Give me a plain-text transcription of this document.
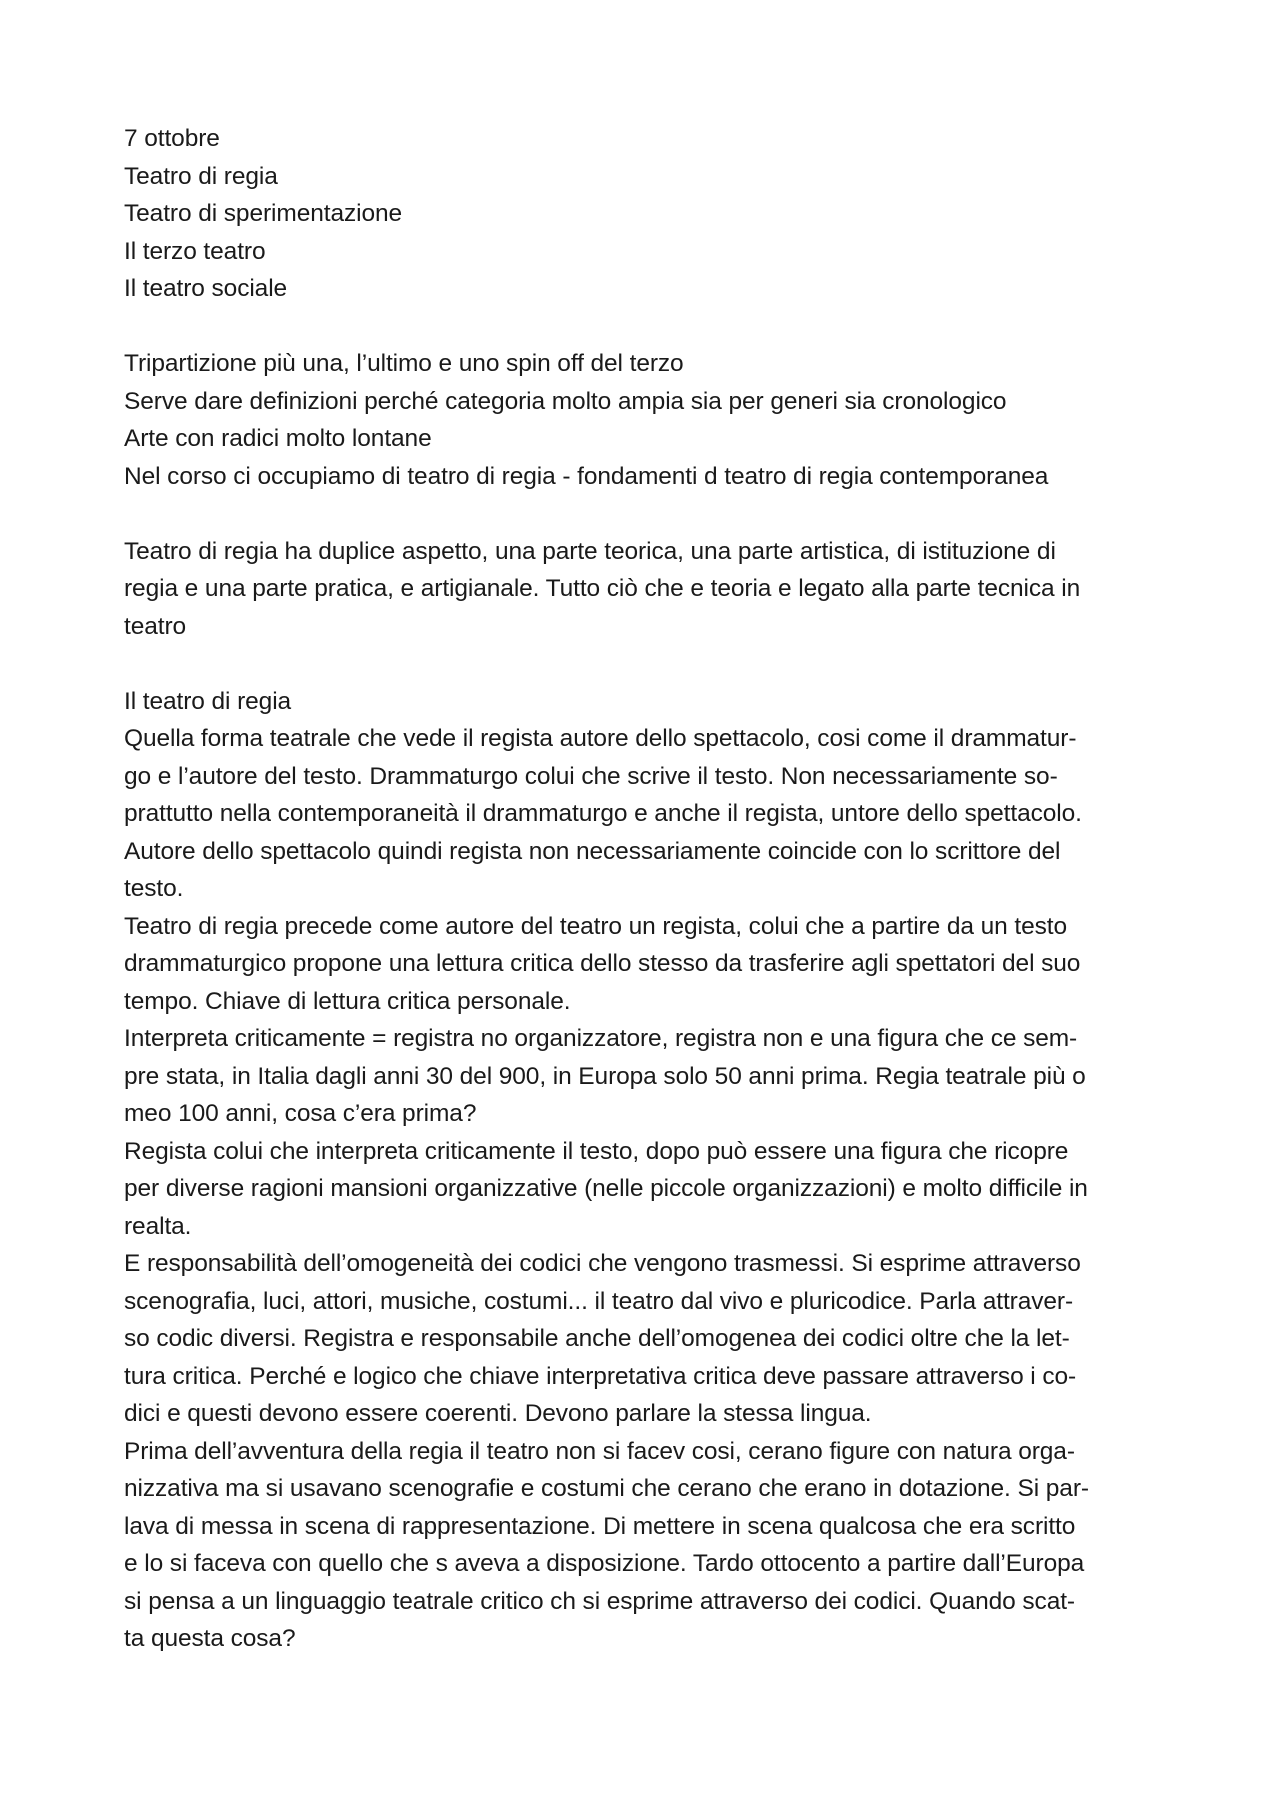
7 ottobre
Teatro di regia
Teatro di sperimentazione
Il terzo teatro
Il teatro sociale
Tripartizione più una, l’ultimo e uno spin off del terzo
Serve dare definizioni perché categoria molto ampia sia per generi sia cronologico
Arte con radici molto lontane
Nel corso ci occupiamo di teatro di regia - fondamenti d teatro di regia contemporanea
Teatro di regia ha duplice aspetto, una parte teorica, una parte artistica, di istituzione di
regia e una parte pratica, e artigianale. Tutto ciò che e teoria e legato alla parte tecnica in
teatro
Il teatro di regia
Quella forma teatrale che vede il regista autore dello spettacolo, cosi come il drammatur-
go e l’autore del testo. Drammaturgo colui che scrive il testo. Non necessariamente so-
prattutto nella contemporaneità il drammaturgo e anche il regista, untore dello spettacolo.
Autore dello spettacolo quindi regista non necessariamente coincide con lo scrittore del
testo.
Teatro di regia precede come autore del teatro un regista, colui che a partire da un testo
drammaturgico propone una lettura critica dello stesso da trasferire agli spettatori del suo
tempo. Chiave di lettura critica personale.
Interpreta criticamente = registra no organizzatore, registra non e una figura che ce sem-
pre stata, in Italia dagli anni 30 del 900, in Europa solo 50 anni prima. Regia teatrale più o
meo 100 anni, cosa c’era prima?
Regista colui che interpreta criticamente il testo, dopo può essere una figura che ricopre
per diverse ragioni mansioni organizzative (nelle piccole organizzazioni) e molto difficile in
realta.
E responsabilità dell’omogeneità dei codici che vengono trasmessi. Si esprime attraverso
scenografia, luci, attori, musiche, costumi... il teatro dal vivo e pluricodice. Parla attraver-
so codic diversi. Registra e responsabile anche dell’omogenea dei codici oltre che la let-
tura critica. Perché e logico che chiave interpretativa critica deve passare attraverso i co-
dici e questi devono essere coerenti. Devono parlare la stessa lingua.
Prima dell’avventura della regia il teatro non si facev cosi, cerano figure con natura orga-
nizzativa ma si usavano scenografie e costumi che cerano che erano in dotazione. Si par-
lava di messa in scena di rappresentazione. Di mettere in scena qualcosa che era scritto
e lo si faceva con quello che s aveva a disposizione. Tardo ottocento a partire dall’Europa
si pensa a un linguaggio teatrale critico ch si esprime attraverso dei codici. Quando scat-
ta questa cosa?
